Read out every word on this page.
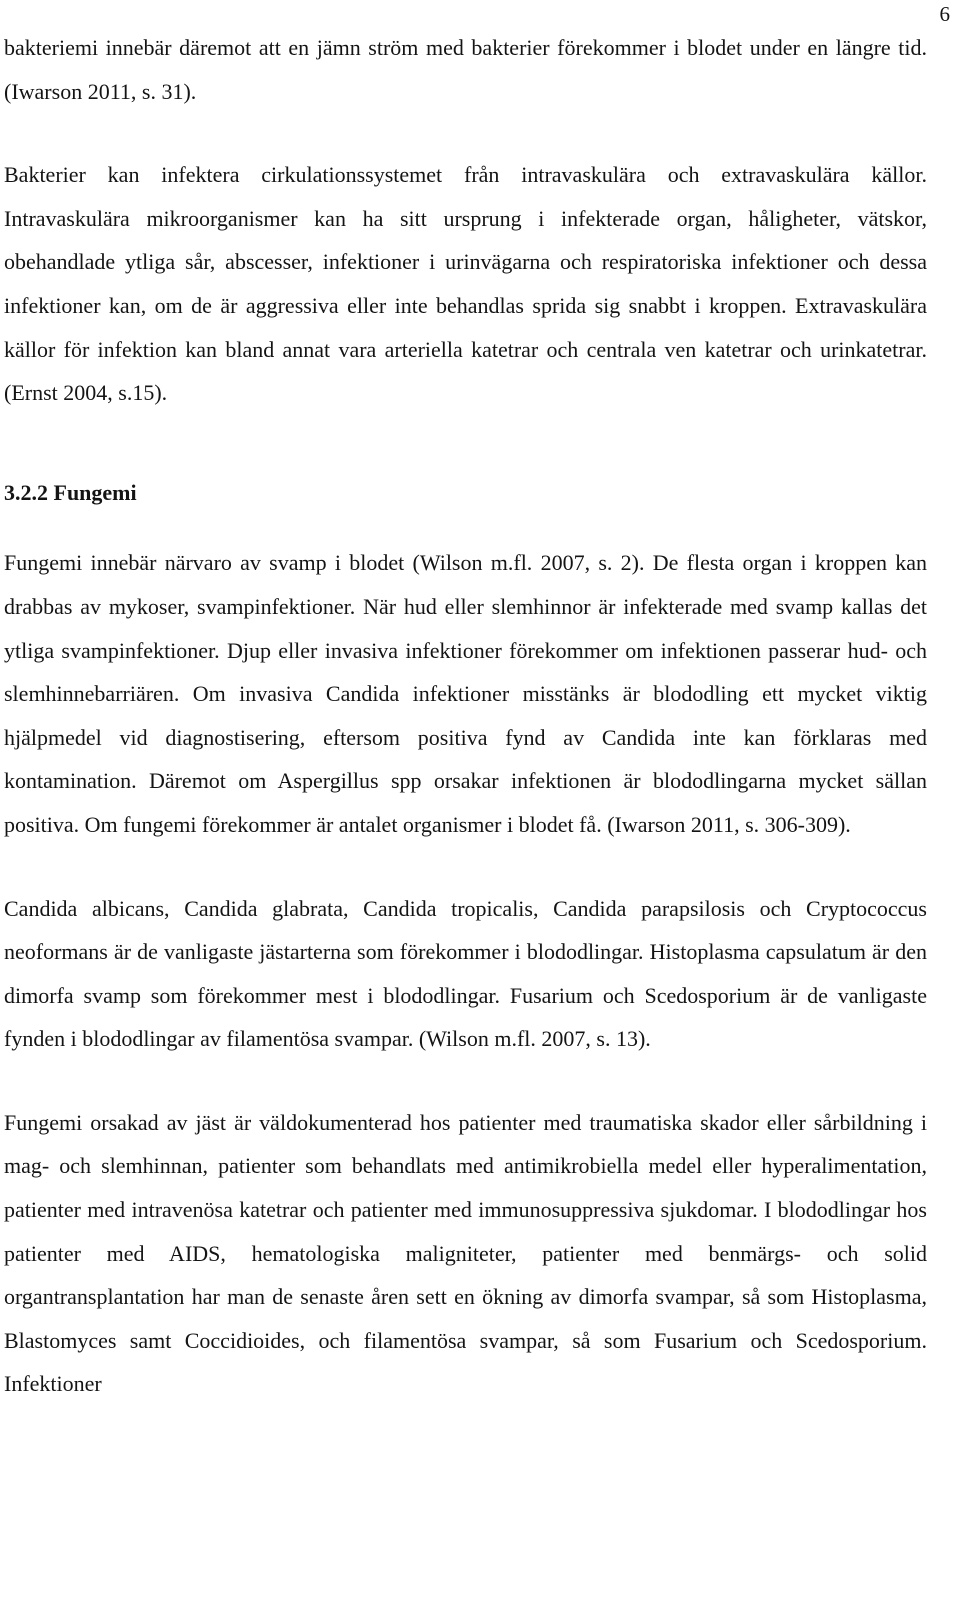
6

bakteriemi innebär däremot att en jämn ström med bakterier förekommer i blodet under en längre tid. (Iwarson 2011, s. 31).

Bakterier kan infektera cirkulationssystemet från intravaskulära och extravaskulära källor. Intravaskulära mikroorganismer kan ha sitt ursprung i infekterade organ, håligheter, vätskor, obehandlade ytliga sår, abscesser, infektioner i urinvägarna och respiratoriska infektioner och dessa infektioner kan, om de är aggressiva eller inte behandlas sprida sig snabbt i kroppen. Extravaskulära källor för infektion kan bland annat vara arteriella katetrar och centrala ven katetrar och urinkatetrar. (Ernst 2004, s.15).

3.2.2 Fungemi

Fungemi innebär närvaro av svamp i blodet (Wilson m.fl. 2007, s. 2). De flesta organ i kroppen kan drabbas av mykoser, svampinfektioner. När hud eller slemhinnor är infekterade med svamp kallas det ytliga svampinfektioner. Djup eller invasiva infektioner förekommer om infektionen passerar hud- och slemhinnebarriären. Om invasiva Candida infektioner misstänks är blododling ett mycket viktig hjälpmedel vid diagnostisering, eftersom positiva fynd av Candida inte kan förklaras med kontamination. Däremot om Aspergillus spp orsakar infektionen är blododlingarna mycket sällan positiva. Om fungemi förekommer är antalet organismer i blodet få. (Iwarson 2011, s. 306-309).

Candida albicans, Candida glabrata, Candida tropicalis, Candida parapsilosis och Cryptococcus neoformans är de vanligaste jästarterna som förekommer i blododlingar. Histoplasma capsulatum är den dimorfa svamp som förekommer mest i blododlingar. Fusarium och Scedosporium är de vanligaste fynden i blododlingar av filamentösa svampar. (Wilson m.fl. 2007, s. 13).

Fungemi orsakad av jäst är väldokumenterad hos patienter med traumatiska skador eller sårbildning i mag- och slemhinnan, patienter som behandlats med antimikrobiella medel eller hyperalimentation, patienter med intravenösa katetrar och patienter med immunosuppressiva sjukdomar. I blododlingar hos patienter med AIDS, hematologiska maligniteter, patienter med benmärgs- och solid organtransplantation har man de senaste åren sett en ökning av dimorfa svampar, så som Histoplasma, Blastomyces samt Coccidioides, och filamentösa svampar, så som Fusarium och Scedosporium. Infektioner
